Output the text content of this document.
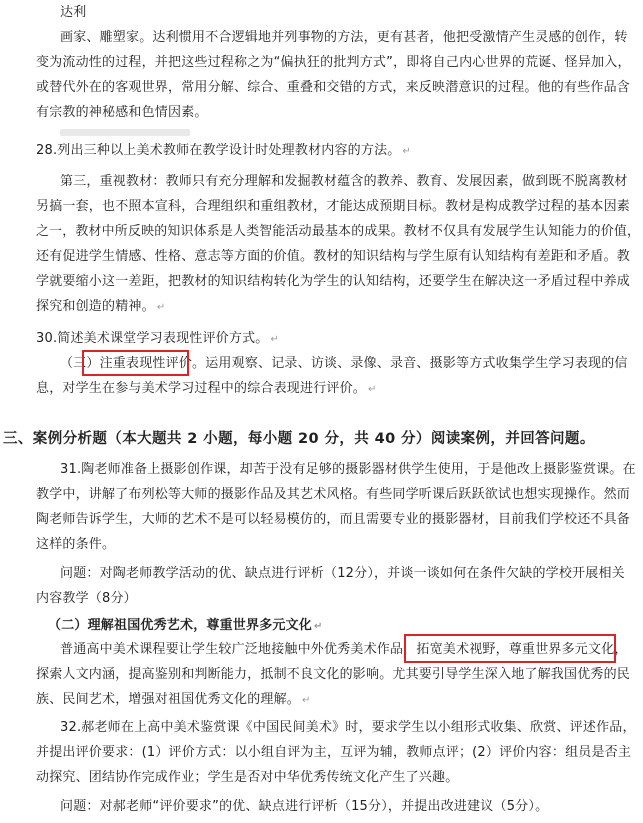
达利
画家、雕塑家。达利惯用不合逻辑地并列事物的方法，更有甚者，他把受激情产生灵感的创作，转
变为流动性的过程，并把这些过程称之为“偏执狂的批判方式”，即将自己内心世界的荒诞、怪异加入，
或替代外在的客观世界，常用分解、综合、重叠和交错的方式，来反映潜意识的过程。他的有些作品含
有宗教的神秘感和色情因素。
28.列出三种以上美术教师在教学设计时处理教材内容的方法。 ↵
第三，重视教材：教师只有充分理解和发掘教材蕴含的教养、教育、发展因素，做到既不脱离教材
另搞一套，也不照本宣科，合理组织和重组教材，才能达成预期目标。教材是构成教学过程的基本因素
之一，教材中所反映的知识体系是人类智能活动最基本的成果。教材不仅具有发展学生认知能力的价值，
还有促进学生情感、性格、意志等方面的价值。教材的知识结构与学生原有认知结构有差距和矛盾。教
学就要缩小这一差距，把教材的知识结构转化为学生的认知结构，还要学生在解决这一矛盾过程中养成
探究和创造的精神。 ↵
30.简述美术课堂学习表现性评价方式。 ↵
（三）注重表现性评价。运用观察、记录、访谈、录像、录音、摄影等方式收集学生学习表现的信
息，对学生在参与美术学习过程中的综合表现进行评价。 ↵
三、案例分析题（本大题共 2 小题，每小题 20 分，共 40 分）阅读案例，并回答问题。
31.陶老师准备上摄影创作课，却苦于没有足够的摄影器材供学生使用，于是他改上摄影鉴赏课。在
教学中，讲解了布列松等大师的摄影作品及其艺术风格。有些同学听课后跃跃欲试也想实现操作。然而
陶老师告诉学生，大师的艺术不是可以轻易模仿的，而且需要专业的摄影器材，目前我们学校还不具备
这样的条件。
问题：对陶老师教学活动的优、缺点进行评析（12分），并谈一谈如何在条件欠缺的学校开展相关
内容教学（8分）
（二）理解祖国优秀艺术，尊重世界多元文化 ↵
普通高中美术课程要让学生较广泛地接触中外优秀美术作品，拓宽美术视野，尊重世界多元文化，
探索人文内涵，提高鉴别和判断能力，抵制不良文化的影响。尤其要引导学生深入地了解我国优秀的民
族、民间艺术，增强对祖国优秀文化的理解。 ↵
32.郝老师在上高中美术鉴赏课《中国民间美术》时，要求学生以小组形式收集、欣赏、评述作品，
并提出评价要求：(1）评价方式：以小组自评为主，互评为辅，教师点评；(2）评价内容：组员是否主
动探究、团结协作完成作业；学生是否对中华优秀传统文化产生了兴趣。
问题：对郝老师“评价要求”的优、缺点进行评析（15分），并提出改进建议（5分）。
